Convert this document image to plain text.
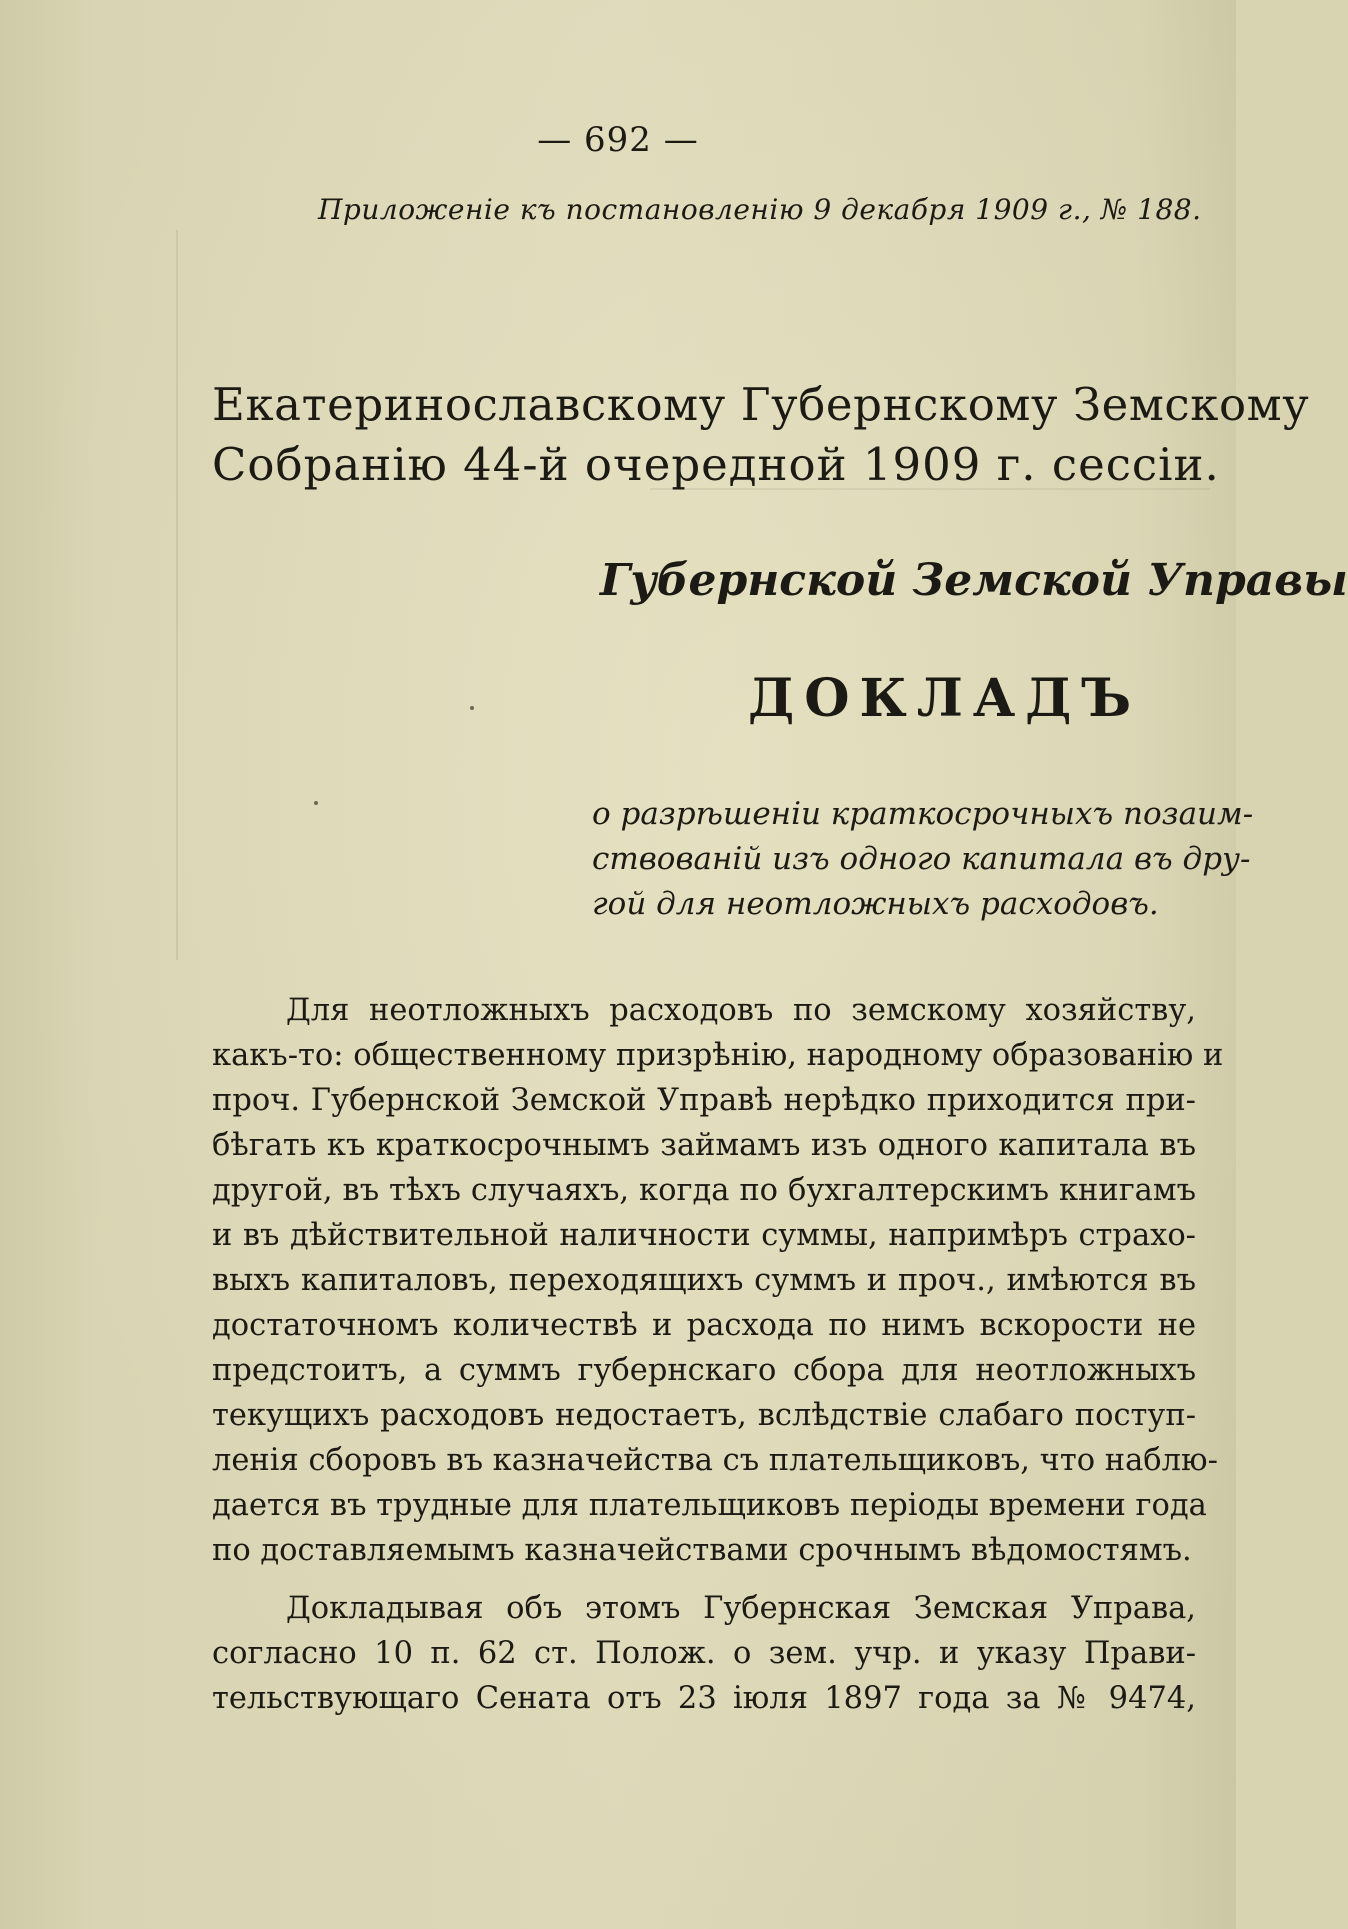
— 692 —
Приложеніе къ постановленію 9 декабря 1909 г., № 188.
Екатеринославскому Губернскому Земскому
Собранію 44-й очередной 1909 г. сессіи.
Губернской Земской Управы
ДОКЛАДЪ
о разрѣшеніи краткосрочныхъ позаим-
ствованій изъ одного капитала въ дру-
гой для неотложныхъ расходовъ.
Для неотложныхъ расходовъ по земскому хозяйству,
какъ-то: общественному призрѣнію, народному образованію и
проч. Губернской Земской Управѣ нерѣдко приходится при-
бѣгать къ краткосрочнымъ займамъ изъ одного капитала въ
другой, въ тѣхъ случаяхъ, когда по бухгалтерскимъ книгамъ
и въ дѣйствительной наличности суммы, напримѣръ страхо-
выхъ капиталовъ, переходящихъ суммъ и проч., имѣются въ
достаточномъ количествѣ и расхода по нимъ вскорости не
предстоитъ, а суммъ губернскаго сбора для неотложныхъ
текущихъ расходовъ недостаетъ, вслѣдствіе слабаго поступ-
ленія сборовъ въ казначейства съ плательщиковъ, что наблю-
дается въ трудные для плательщиковъ періоды времени года
по доставляемымъ казначействами срочнымъ вѣдомостямъ.
Докладывая объ этомъ Губернская Земская Управа,
согласно 10 п. 62 ст. Полож. о зем. учр. и указу Прави-
тельствующаго Сената отъ 23 іюля 1897 года за № 9474,
